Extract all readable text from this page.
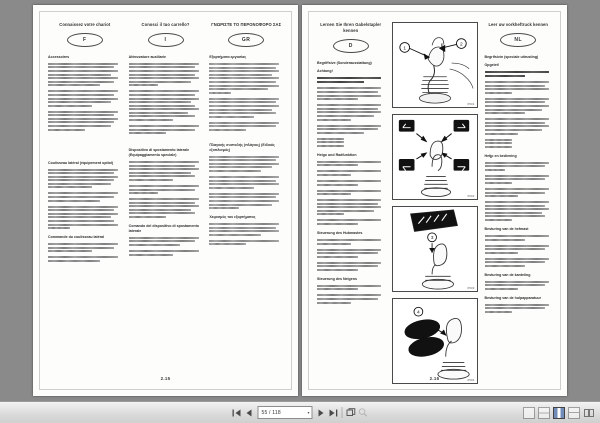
Connaissez votre chariot
F
Accessoires
Coulisseau latéral (équipement optiol)
Commande du coulisseau latéral
Conosci il tuo carrello?
I
Attrezzature ausiliarie
Dispositivo di spostamento laterale (Equipaggiamento speciale)
Comando del dispositivo di spostamento laterale
ΓΝΩΡΙΣΤΕ ΤΟ ΠΕΡΟΝΟΦΟΡΟ ΣΑΣ
GR
Εξαρτήματα εργασίας
Πλαγικής συστολής (πλάγιος) (Ειδικός εξοπλισμός)
Χειρισμός του εξαρτήματος
2.15
Lernen Sie Ihren Gabelstapler kennen
D
Begriffsive (Sonderausstattung)
Achtung!
Heigo und Radfunktion
Steuerung des Hubmastes
Steuerung des Neigens
1
2
6501
6502
3
6503
4
6504
Leer uw vorkheftruck kennen
NL
Begrifsivin (speciale uitrusting)
Opgelet!
Hetjp en bediening
Besturing van de hefmast
Besturing van de kanteling
Besturing van de hulpapparatuur
2.16
55 / 118	▾
